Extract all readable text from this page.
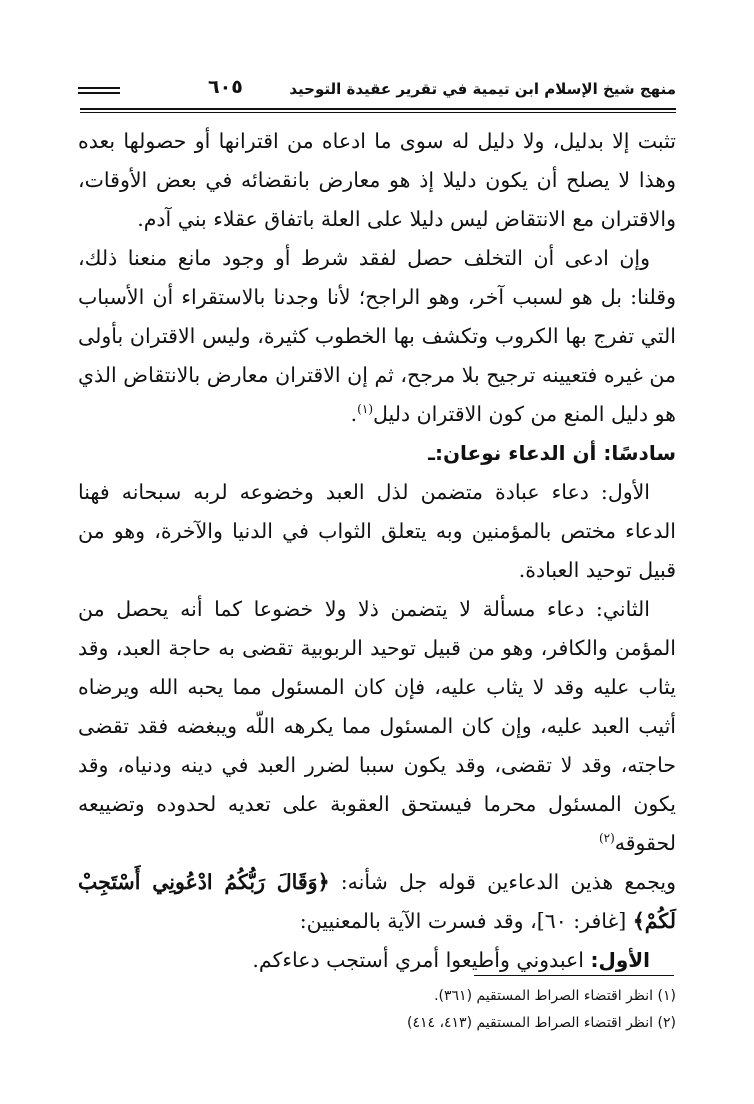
منهج شيخ الإسلام ابن تيمية في تقرير عقيدة التوحيد
٦٠٥

تثبت إلا بدليل، ولا دليل له سوى ما ادعاه من اقترانها أو حصولها بعده وهذا لا يصلح أن يكون دليلا إذ هو معارض بانقضائه في بعض الأوقات، والاقتران مع الانتقاض ليس دليلا على العلة باتفاق عقلاء بني آدم.

وإن ادعى أن التخلف حصل لفقد شرط أو وجود مانع منعنا ذلك، وقلنا: بل هو لسبب آخر، وهو الراجح؛ لأنا وجدنا بالاستقراء أن الأسباب التي تفرج بها الكروب وتكشف بها الخطوب كثيرة، وليس الاقتران بأولى من غيره فتعيينه ترجيح بلا مرجح، ثم إن الاقتران معارض بالانتقاض الذي هو دليل المنع من كون الاقتران دليل$^{(١)}$.

سادسًا: أن الدعاء نوعان:ـ

الأول: دعاء عبادة متضمن لذل العبد وخضوعه لربه سبحانه فهنا الدعاء مختص بالمؤمنين وبه يتعلق الثواب في الدنيا والآخرة، وهو من قبيل توحيد العبادة.

الثاني: دعاء مسألة لا يتضمن ذلا ولا خضوعا كما أنه يحصل من المؤمن والكافر، وهو من قبيل توحيد الربوبية تقضى به حاجة العبد، وقد يثاب عليه وقد لا يثاب عليه، فإن كان المسئول مما يحبه الله ويرضاه أثيب العبد عليه، وإن كان المسئول مما يكرهه اللّه ويبغضه فقد تقضى حاجته، وقد لا تقضى، وقد يكون سببا لضرر العبد في دينه ودنياه، وقد يكون المسئول محرما فيستحق العقوبة على تعديه لحدوده وتضييعه لحقوقه$^{(٢)}$

ويجمع هذين الدعاءين قوله جل شأنه: ﴿وَقَالَ رَبُّكُمُ ادْعُونِي أَسْتَجِبْ لَكُمْ﴾ [غافر: ٦٠]، وقد فسرت الآية بالمعنيين:

الأول: اعبدوني وأطيعوا أمري أستجب دعاءكم.

(١) انظر اقتضاء الصراط المستقيم (٣٦١).
(٢) انظر اقتضاء الصراط المستقيم (٤١٣، ٤١٤)
